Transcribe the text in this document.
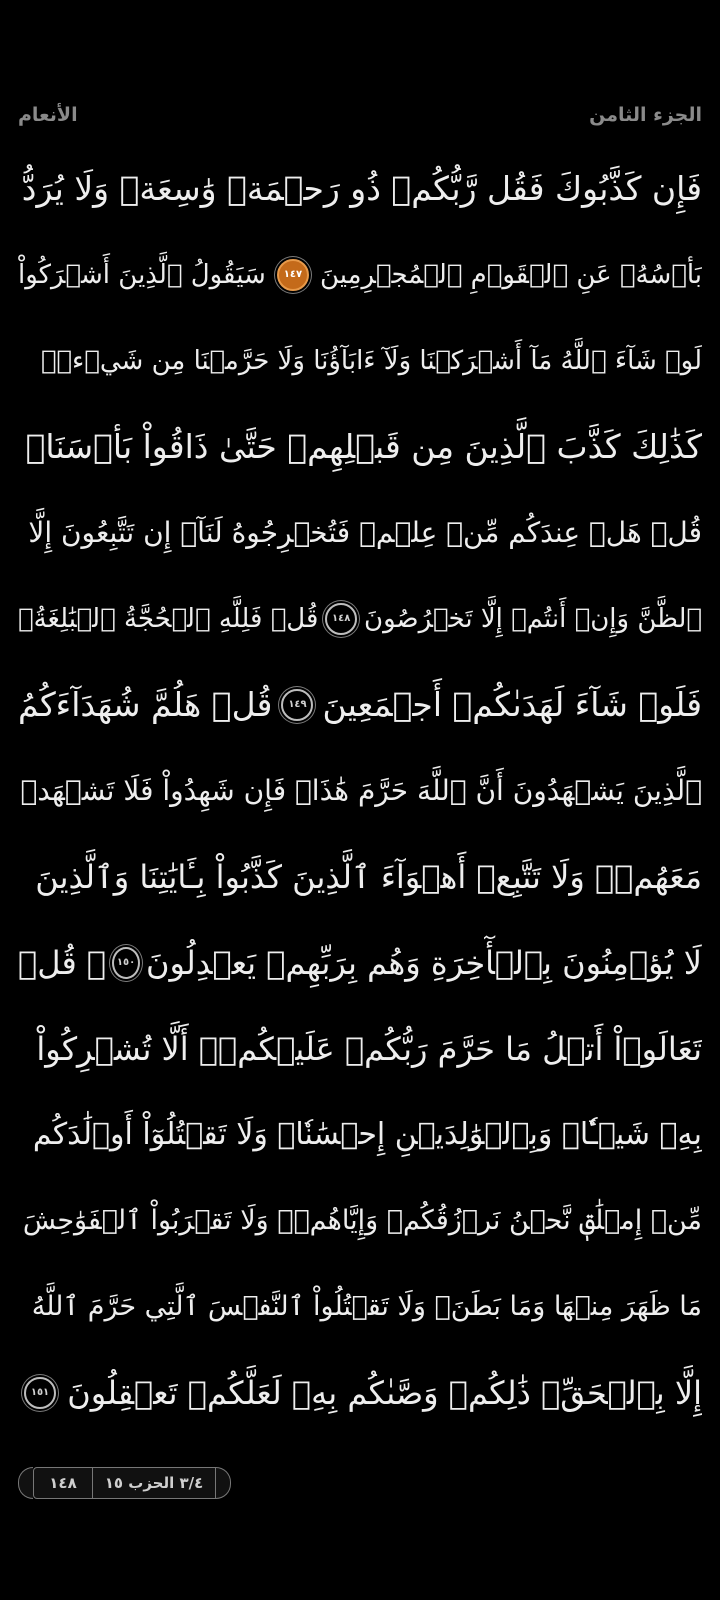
الجزء الثامن
الأنعام
فَإِن كَذَّبُوكَ فَقُل رَّبُّكُمۡ ذُو رَحۡمَةٖ وَٰسِعَةٖ وَلَا يُرَدُّ
بَأۡسُهُۥ عَنِ ٱلۡقَوۡمِ ٱلۡمُجۡرِمِينَ
١٤٧
سَيَقُولُ ٱلَّذِينَ أَشۡرَكُواْ
لَوۡ شَآءَ ٱللَّهُ مَآ أَشۡرَكۡنَا وَلَآ ءَابَآؤُنَا وَلَا حَرَّمۡنَا مِن شَيۡءٖۚ
كَذَٰلِكَ كَذَّبَ ٱلَّذِينَ مِن قَبۡلِهِمۡ حَتَّىٰ ذَاقُواْ بَأۡسَنَاۗ
قُلۡ هَلۡ عِندَكُم مِّنۡ عِلۡمٖ فَتُخۡرِجُوهُ لَنَآۖ إِن تَتَّبِعُونَ إِلَّا
ٱلظَّنَّ وَإِنۡ أَنتُمۡ إِلَّا تَخۡرُصُونَ
١٤٨
قُلۡ فَلِلَّهِ ٱلۡحُجَّةُ ٱلۡبَٰلِغَةُۖ
فَلَوۡ شَآءَ لَهَدَىٰكُمۡ أَجۡمَعِينَ
١٤٩
قُلۡ هَلُمَّ شُهَدَآءَكُمُ
ٱلَّذِينَ يَشۡهَدُونَ أَنَّ ٱللَّهَ حَرَّمَ هَٰذَاۖ فَإِن شَهِدُواْ فَلَا تَشۡهَدۡ
مَعَهُمۡۚ وَلَا تَتَّبِعۡ أَهۡوَآءَ ٱلَّذِينَ كَذَّبُواْ بِـَٔايَٰتِنَا وَٱلَّذِينَ
لَا يُؤۡمِنُونَ بِٱلۡأٓخِرَةِ وَهُم بِرَبِّهِمۡ يَعۡدِلُونَ
١٥٠
۞ قُلۡ
تَعَالَوۡاْ أَتۡلُ مَا حَرَّمَ رَبُّكُمۡ عَلَيۡكُمۡۖ أَلَّا تُشۡرِكُواْ
بِهِۦ شَيۡـٔٗاۖ وَبِٱلۡوَٰلِدَيۡنِ إِحۡسَٰنٗاۖ وَلَا تَقۡتُلُوٓاْ أَوۡلَٰدَكُم
مِّنۡ إِمۡلَٰقٖ نَّحۡنُ نَرۡزُقُكُمۡ وَإِيَّاهُمۡۖ وَلَا تَقۡرَبُواْ ٱلۡفَوَٰحِشَ
مَا ظَهَرَ مِنۡهَا وَمَا بَطَنَۖ وَلَا تَقۡتُلُواْ ٱلنَّفۡسَ ٱلَّتِي حَرَّمَ ٱللَّهُ
إِلَّا بِٱلۡحَقِّۚ ذَٰلِكُمۡ وَصَّىٰكُم بِهِۦ لَعَلَّكُمۡ تَعۡقِلُونَ
١٥١
١٤٨	٣/٤ الحزب ١٥
